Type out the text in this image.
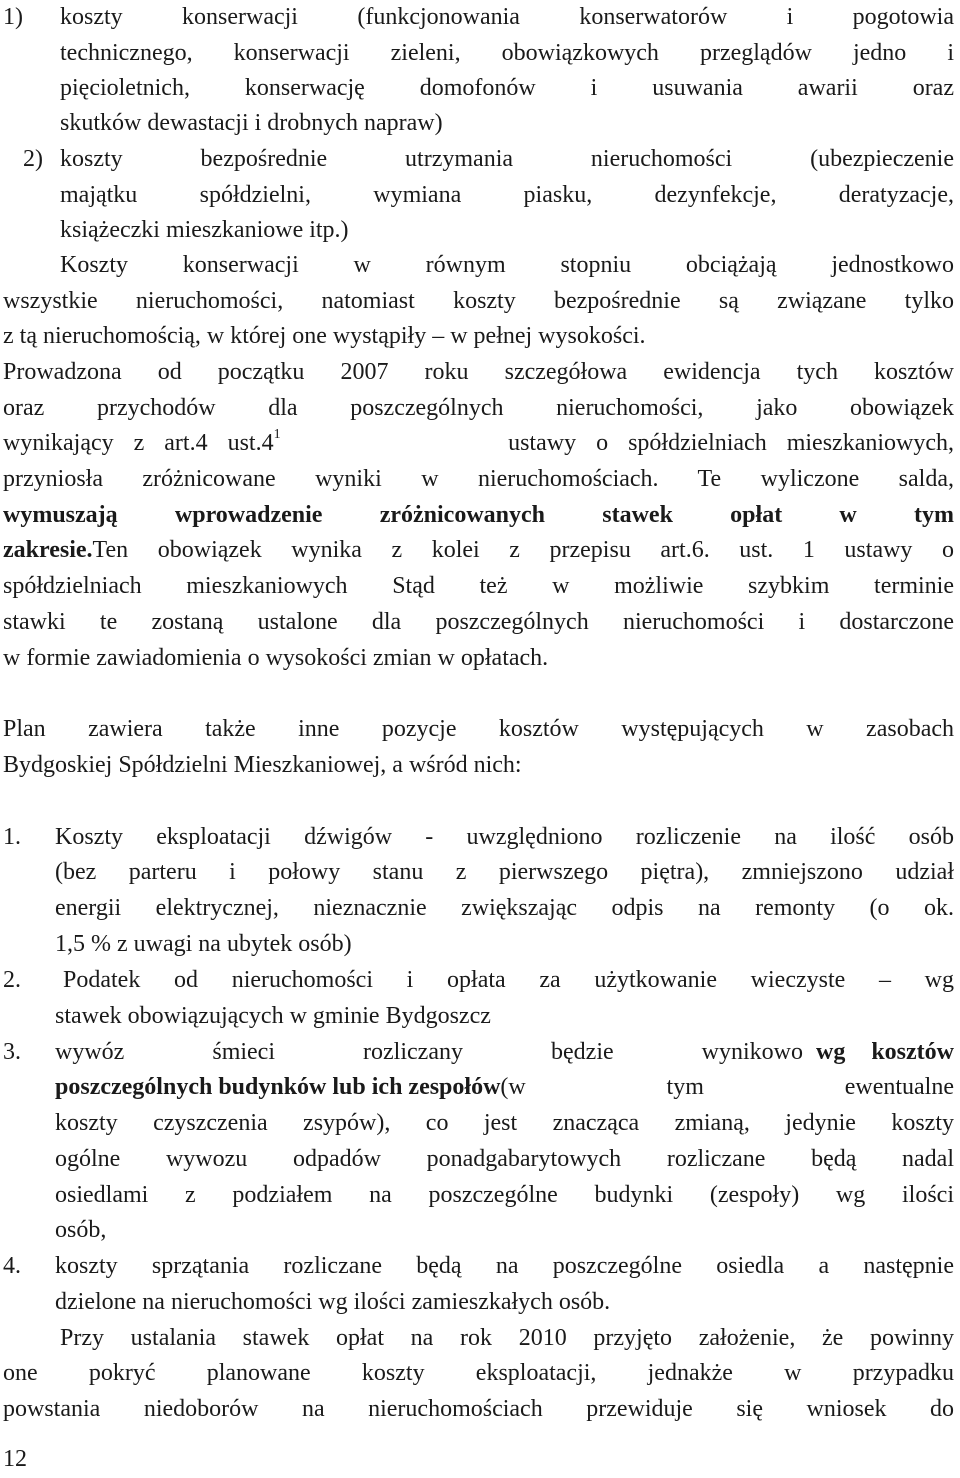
1)	koszty konserwacji (funkcjonowania konserwatorów i pogotowia
technicznego, konserwacji zieleni, obowiązkowych przeglądów jedno i
pięcioletnich, konserwację domofonów i usuwania awarii oraz
skutków dewastacji i drobnych napraw)
2) koszty bezpośrednie utrzymania nieruchomości (ubezpieczenie
majątku spółdzielni, wymiana piasku, dezynfekcje, deratyzacje,
książeczki mieszkaniowe itp.)
Koszty konserwacji w równym stopniu obciążają jednostkowo
wszystkie nieruchomości, natomiast koszty bezpośrednie są związane tylko
z tą nieruchomością, w której one wystąpiły – w pełnej wysokości.
Prowadzona od początku 2007 roku szczegółowa ewidencja tych kosztów
oraz przychodów dla poszczególnych nieruchomości, jako obowiązek
wynikający z art.4 $ust.4^1$	ustawy o spółdzielniach mieszkaniowych,
przyniosła zróżnicowane wyniki w nieruchomościach. Te wyliczone salda,
wymuszają wprowadzenie zróżnicowanych stawek opłat w tym
zakresie. Ten obowiązek wynika z kolei z przepisu art.6. ust. 1 ustawy o
spółdzielniach mieszkaniowych Stąd też w możliwie szybkim terminie
stawki te zostaną ustalone dla poszczególnych nieruchomości i dostarczone
w formie zawiadomienia o wysokości zmian w opłatach.
Plan zawiera także inne pozycje kosztów występujących w zasobach
Bydgoskiej Spółdzielni Mieszkaniowej, a wśród nich:
1.	Koszty eksploatacji dźwigów - uwzględniono rozliczenie na ilość osób
(bez parteru i połowy stanu z pierwszego piętra), zmniejszono udział
energii elektrycznej, nieznacznie zwiększając odpis na remonty (o ok.
1,5 % z uwagi na ubytek osób)
2.	Podatek od nieruchomości i opłata za użytkowanie wieczyste – wg
stawek obowiązujących w gminie Bydgoszcz
3.	wywóz śmieci rozliczany będzie wynikowo wg kosztów
poszczególnych budynków lub ich zespołów (w tym ewentualne
koszty czyszczenia zsypów), co jest znacząca zmianą, jedynie koszty
ogólne wywozu odpadów ponadgabarytowych rozliczane będą nadal
osiedlami z podziałem na poszczególne budynki (zespoły) wg ilości
osób,
4.	koszty sprzątania rozliczane będą na poszczególne osiedla a następnie
dzielone na nieruchomości wg ilości zamieszkałych osób.
Przy ustalania stawek opłat na rok 2010 przyjęto założenie, że powinny
one pokryć planowane koszty eksploatacji, jednakże w przypadku
powstania niedoborów na nieruchomościach przewiduje się wniosek do
12
